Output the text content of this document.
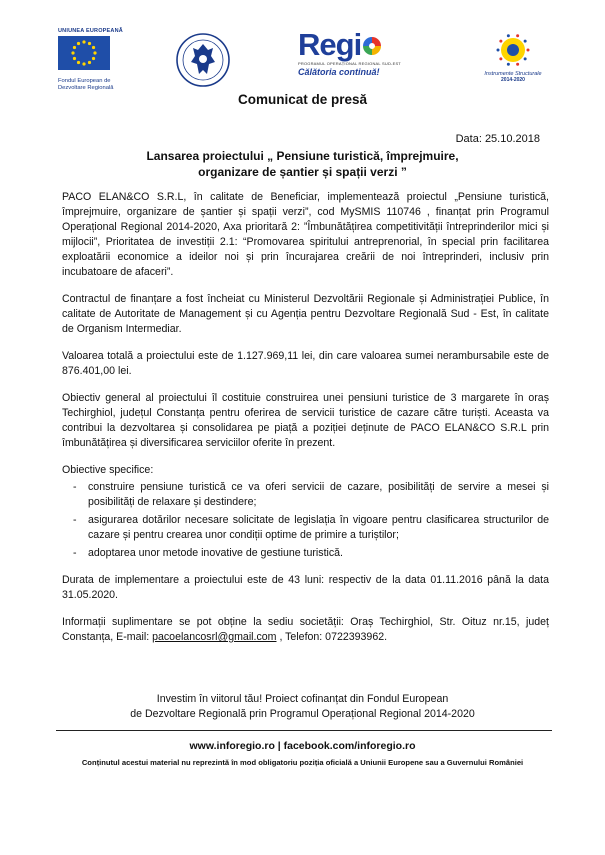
UNIUNEA EUROPEANĂ
Fondul European de
Dezvoltare Regională
Regi
PROGRAMUL OPERAȚIONAL REGIONAL SUD-EST
Călătoria continuă!	Instrumente Structurale
2014-2020
Comunicat de presă
Data: 25.10.2018
Lansarea proiectului „ Pensiune turistică, împrejmuire,
organizare de șantier și spații verzi ”

PACO ELAN&CO S.R.L, în calitate de Beneficiar, implementează proiectul „Pensiune turistică, împrejmuire, organizare de șantier și spații verzi”, cod MySMIS 110746 , finanțat prin Programul Operațional Regional 2014-2020, Axa prioritară 2: ”Îmbunătățirea competitivității întreprinderilor mici și mijlocii”, Prioritatea de investiții 2.1: “Promovarea spiritului antreprenorial, în special prin facilitarea exploatării economice a ideilor noi și prin încurajarea creării de noi întreprinderi, inclusiv prin incubatoare de afaceri”.

Contractul de finanțare a fost încheiat cu Ministerul Dezvoltării Regionale și Administrației Publice, în calitate de Autoritate de Management și cu Agenția pentru Dezvoltare Regională Sud - Est, în calitate de Organism Intermediar.

Valoarea totală a proiectului este de 1.127.969,11 lei, din care valoarea sumei nerambursabile este de 876.401,00 lei.

Obiectiv general al proiectului îl costituie construirea unei pensiuni turistice de 3 margarete în oraș Techirghiol, județul Constanța pentru oferirea de servicii turistice de cazare către turiști. Aceasta va contribui la dezvoltarea și consolidarea pe piață a poziției deținute de PACO ELAN&CO S.R.L prin îmbunătățirea și diversificarea serviciilor oferite în prezent.

Obiective specifice:

- construire pensiune turistică ce va oferi servicii de cazare, posibilități de servire a mesei și posibilități de relaxare și destindere;
- asigurarea dotărilor necesare solicitate de legislația în vigoare pentru clasificarea structurilor de cazare și pentru crearea unor condiții optime de primire a turiștilor;
- adoptarea unor metode inovative de gestiune turistică.

Durata de implementare a proiectului este de 43 luni: respectiv de la data 01.11.2016 până la data 31.05.2020.

Informații suplimentare se pot obține la sediu societății: Oraș Techirghiol, Str. Oituz nr.15, județ Constanța, E-mail: pacoelancosrl@gmail.com , Telefon: 0722393962.

Investim în viitorul tău! Proiect cofinanțat din Fondul European
de Dezvoltare Regională prin Programul Operațional Regional 2014-2020
www.inforegio.ro | facebook.com/inforegio.ro
Conținutul acestui material nu reprezintă în mod obligatoriu poziția oficială a Uniunii Europene sau a Guvernului României
